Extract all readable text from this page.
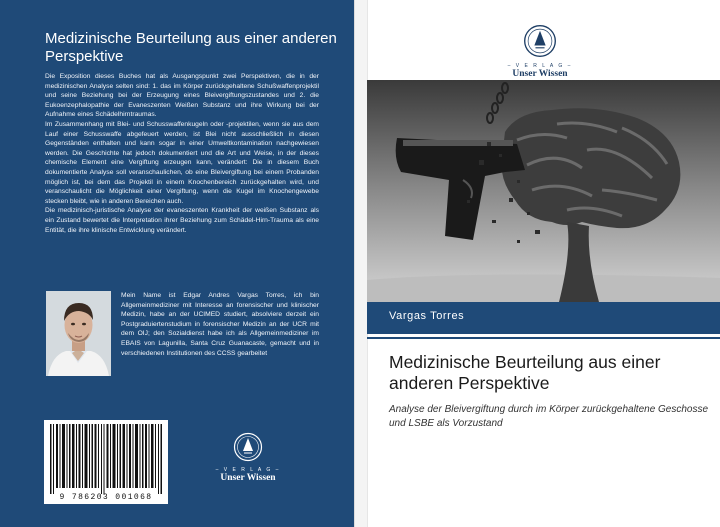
Medizinische Beurteilung aus einer anderen Perspektive

Die Exposition dieses Buches hat als Ausgangspunkt zwei Perspektiven, die in der medizinischen Analyse selten sind: 1. das im Körper zurückgehaltene Schußwaffenprojektil und seine Beziehung bei der Erzeugung eines Bleivergiftungszustandes und 2. die Eukoenzephalopathie der Evaneszenten Weißen Substanz und ihre Wirkung bei der Aufnahme eines Schädelhirntraumas.

Im Zusammenhang mit Blei- und Schusswaffenkugeln oder -projektilen, wenn sie aus dem Lauf einer Schusswaffe abgefeuert werden, ist Blei nicht ausschließlich in diesen Gegenständen enthalten und kann sogar in einer Umweltkontamination nachgewiesen werden. Die Geschichte hat jedoch dokumentiert und die Art und Weise, in der dieses chemische Element eine Vergiftung erzeugen kann, verändert: Die in diesem Buch dokumentierte Analyse soll veranschaulichen, ob eine Bleivergiftung bei einem Probanden möglich ist, bei dem das Projektil in einem Knochenbereich zurückgehalten wird, und veranschaulicht die Möglichkeit einer Vergiftung, wenn die Kugel im Knochengewebe stecken bleibt, wie in anderen Bereichen auch.

Die medizinisch-juristische Analyse der evaneszenten Krankheit der weißen Substanz als ein Zustand bewertet die Interpretation ihrer Beziehung zum Schädel-Hirn-Trauma als eine Entität, die ihre klinische Entwicklung verändert.

Mein Name ist Edgar Andres Vargas Torres, ich bin Allgemeinmediziner mit Interesse an forensischer und klinischer Medizin, habe an der UCIMED studiert, absolviere derzeit ein Postgraduiertenstudium in forensischer Medizin an der UCR mit dem OIJ; den Sozialdienst habe ich als Allgemeinmediziner im EBAIS von Lagunilla, Santa Cruz Guanacaste, gemacht und in verschiedenen Institutionen des CCSS gearbeitet
9 786203 001068
– V E R L A G –
Unser Wissen
– V E R L A G –
Unser Wissen
Vargas Torres
Medizinische Beurteilung aus einer anderen Perspektive
Analyse der Bleivergiftung durch im Körper zurückgehaltene Geschosse und LSBE als Vorzustand
